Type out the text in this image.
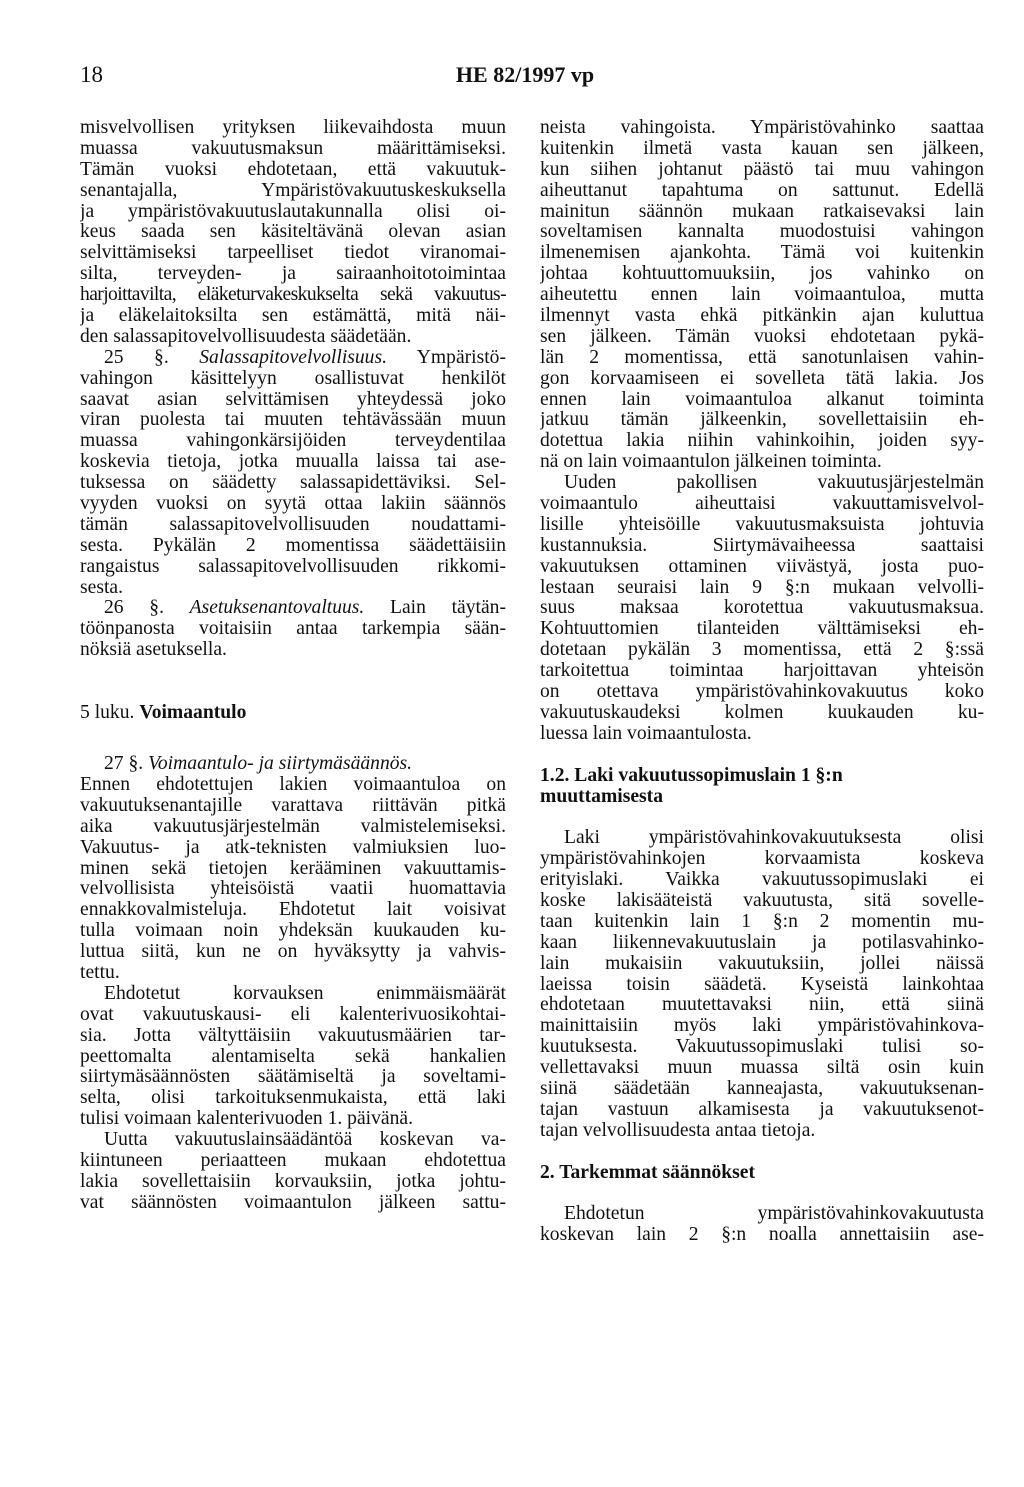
18	HE 82/1997 vp
misvelvollisen yrityksen liikevaihdosta muun
muassa vakuutusmaksun määrittämiseksi.
Tämän vuoksi ehdotetaan, että vakuutuk-
senantajalla, Ympäristövakuutuskeskuksella
ja ympäristövakuutuslautakunnalla olisi oi-
keus saada sen käsiteltävänä olevan asian
selvittämiseksi tarpeelliset tiedot viranomai-
silta, terveyden- ja sairaanhoitotoimintaa
harjoittavilta, eläketurvakeskukselta sekä vakuutus-
ja eläkelaitoksilta sen estämättä, mitä näi-
den salassapitovelvollisuudesta säädetään.
25 §. Salassapitovelvollisuus. Ympäristö-
vahingon käsittelyyn osallistuvat henkilöt
saavat asian selvittämisen yhteydessä joko
viran puolesta tai muuten tehtävässään muun
muassa vahingonkärsijöiden terveydentilaa
koskevia tietoja, jotka muualla laissa tai ase-
tuksessa on säädetty salassapidettäviksi. Sel-
vyyden vuoksi on syytä ottaa lakiin säännös
tämän salassapitovelvollisuuden noudattami-
sesta. Pykälän 2 momentissa säädettäisiin
rangaistus salassapitovelvollisuuden rikkomi-
sesta.
26 §. Asetuksenantovaltuus. Lain täytän-
töönpanosta voitaisiin antaa tarkempia sään-
nöksiä asetuksella.
5 luku. Voimaantulo
27 §. Voimaantulo- ja siirtymäsäännös.
Ennen ehdotettujen lakien voimaantuloa on
vakuutuksenantajille varattava riittävän pitkä
aika vakuutusjärjestelmän valmistelemiseksi.
Vakuutus- ja atk-teknisten valmiuksien luo-
minen sekä tietojen kerääminen vakuuttamis-
velvollisista yhteisöistä vaatii huomattavia
ennakkovalmisteluja. Ehdotetut lait voisivat
tulla voimaan noin yhdeksän kuukauden ku-
luttua siitä, kun ne on hyväksytty ja vahvis-
tettu.
Ehdotetut korvauksen enimmäismäärät
ovat vakuutuskausi- eli kalenterivuosikohtai-
sia. Jotta vältyttäisiin vakuutusmäärien tar-
peettomalta alentamiselta sekä hankalien
siirtymäsäännösten säätämiseltä ja soveltami-
selta, olisi tarkoituksenmukaista, että laki
tulisi voimaan kalenterivuoden 1. päivänä.
Uutta vakuutuslainsäädäntöä koskevan va-
kiintuneen periaatteen mukaan ehdotettua
lakia sovellettaisiin korvauksiin, jotka johtu-
vat säännösten voimaantulon jälkeen sattu-
neista vahingoista. Ympäristövahinko saattaa
kuitenkin ilmetä vasta kauan sen jälkeen,
kun siihen johtanut päästö tai muu vahingon
aiheuttanut tapahtuma on sattunut. Edellä
mainitun säännön mukaan ratkaisevaksi lain
soveltamisen kannalta muodostuisi vahingon
ilmenemisen ajankohta. Tämä voi kuitenkin
johtaa kohtuuttomuuksiin, jos vahinko on
aiheutettu ennen lain voimaantuloa, mutta
ilmennyt vasta ehkä pitkänkin ajan kuluttua
sen jälkeen. Tämän vuoksi ehdotetaan pykä-
län 2 momentissa, että sanotunlaisen vahin-
gon korvaamiseen ei sovelleta tätä lakia. Jos
ennen lain voimaantuloa alkanut toiminta
jatkuu tämän jälkeenkin, sovellettaisiin eh-
dotettua lakia niihin vahinkoihin, joiden syy-
nä on lain voimaantulon jälkeinen toiminta.
Uuden pakollisen vakuutusjärjestelmän
voimaantulo aiheuttaisi vakuuttamisvelvol-
lisille yhteisöille vakuutusmaksuista johtuvia
kustannuksia. Siirtymävaiheessa saattaisi
vakuutuksen ottaminen viivästyä, josta puo-
lestaan seuraisi lain 9 §:n mukaan velvolli-
suus maksaa korotettua vakuutusmaksua.
Kohtuuttomien tilanteiden välttämiseksi eh-
dotetaan pykälän 3 momentissa, että 2 §:ssä
tarkoitettua toimintaa harjoittavan yhteisön
on otettava ympäristövahinkovakuutus koko
vakuutuskaudeksi kolmen kuukauden ku-
luessa lain voimaantulosta.
1.2. Laki vakuutussopimuslain 1 §:n
muuttamisesta
Laki ympäristövahinkovakuutuksesta olisi
ympäristövahinkojen korvaamista koskeva
erityislaki. Vaikka vakuutussopimuslaki ei
koske lakisääteistä vakuutusta, sitä sovelle-
taan kuitenkin lain 1 §:n 2 momentin mu-
kaan liikennevakuutuslain ja potilasvahinko-
lain mukaisiin vakuutuksiin, jollei näissä
laeissa toisin säädetä. Kyseistä lainkohtaa
ehdotetaan muutettavaksi niin, että siinä
mainittaisiin myös laki ympäristövahinkova-
kuutuksesta. Vakuutussopimuslaki tulisi so-
vellettavaksi muun muassa siltä osin kuin
siinä säädetään kanneajasta, vakuutuksenan-
tajan vastuun alkamisesta ja vakuutuksenot-
tajan velvollisuudesta antaa tietoja.
2. Tarkemmat säännökset
Ehdotetun ympäristövahinkovakuutusta
koskevan lain 2 §:n noalla annettaisiin ase-
